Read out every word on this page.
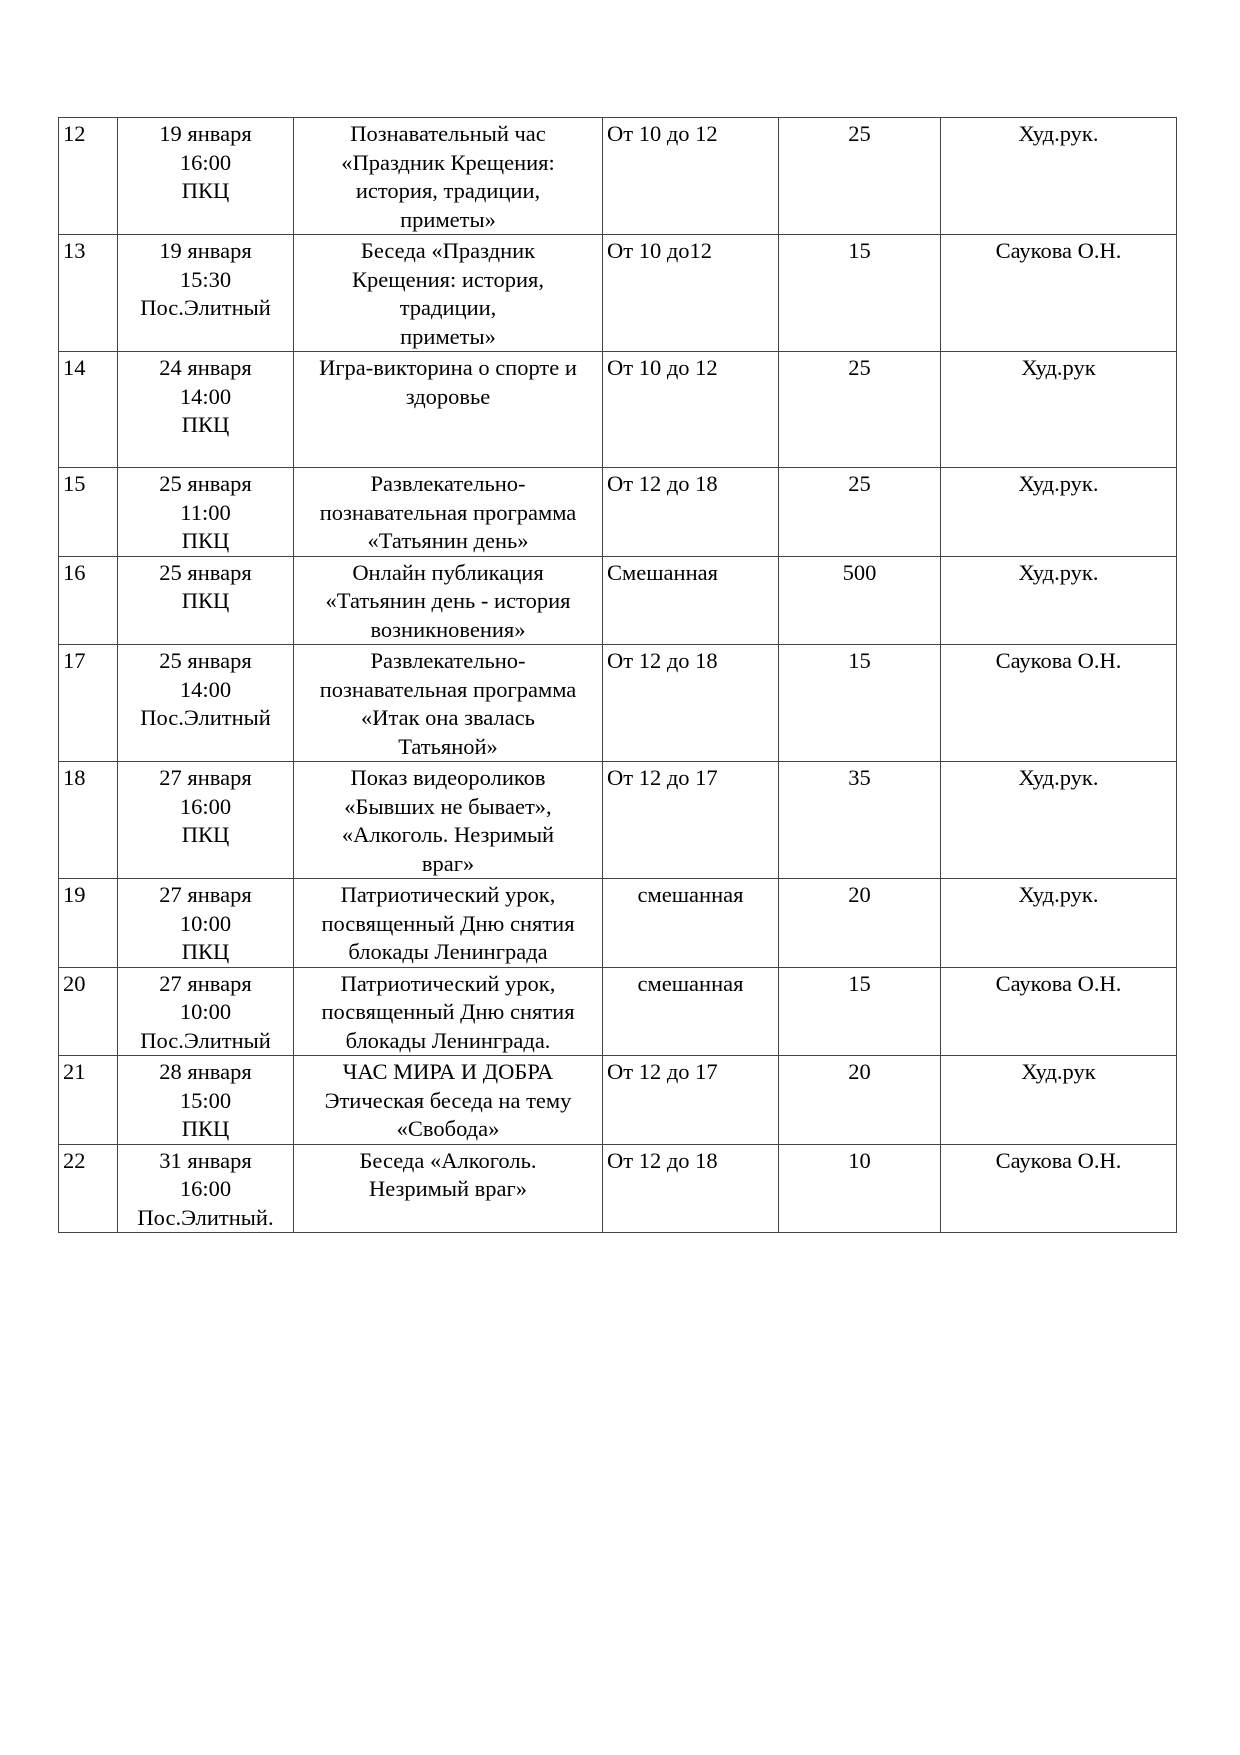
12	19 января
16:00
ПКЦ	Познавательный час
«Праздник Крещения:
история, традиции,
приметы»	От 10 до 12	25	Худ.рук.
13	19 января
15:30
Пос.Элитный	Беседа «Праздник
Крещения: история,
традиции,
приметы»	От 10 до12	15	Саукова О.Н.
14	24 января
14:00
ПКЦ	Игра-викторина о спорте и
здоровье	От 10 до 12	25	Худ.рук
15	25 января
11:00
ПКЦ	Развлекательно-
познавательная программа
«Татьянин день»	От 12 до 18	25	Худ.рук.
16	25 января
ПКЦ	Онлайн публикация
«Татьянин день - история
возникновения»	Смешанная	500	Худ.рук.
17	25 января
14:00
Пос.Элитный	Развлекательно-
познавательная программа
«Итак она звалась
Татьяной»	От 12 до 18	15	Саукова О.Н.
18	27 января
16:00
ПКЦ	Показ видеороликов
«Бывших не бывает»,
«Алкоголь. Незримый
враг»	От 12 до 17	35	Худ.рук.
19	27 января
10:00
ПКЦ	Патриотический урок,
посвященный Дню снятия
блокады Ленинграда	смешанная	20	Худ.рук.
20	27 января
10:00
Пос.Элитный	Патриотический урок,
посвященный Дню снятия
блокады Ленинграда.	смешанная	15	Саукова О.Н.
21	28 января
15:00
ПКЦ	ЧАС МИРА И ДОБРА
Этическая беседа на тему
«Свобода»	От 12 до 17	20	Худ.рук
22	31 января
16:00
Пос.Элитный.	Беседа «Алкоголь.
Незримый враг»	От 12 до 18	10	Саукова О.Н.
